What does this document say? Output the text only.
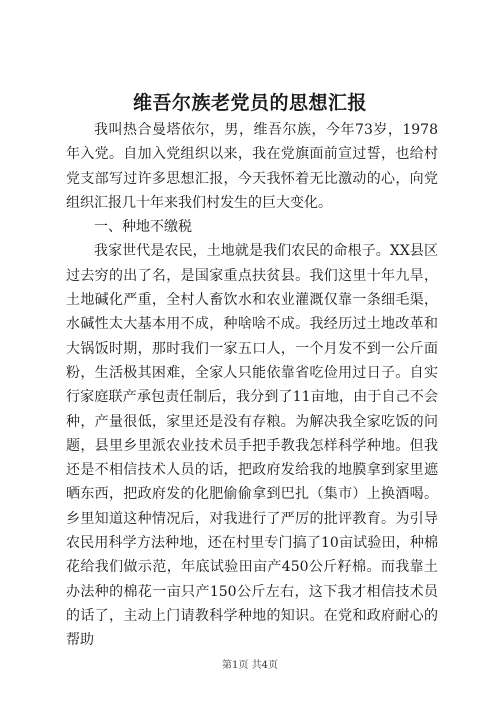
维吾尔族老党员的思想汇报

我叫热合曼塔依尔，男，维吾尔族，今年73岁，1978年入党。自加入党组织以来，我在党旗面前宣过誓，也给村党支部写过许多思想汇报，今天我怀着无比激动的心，向党组织汇报几十年来我们村发生的巨大变化。

一、种地不缴税

我家世代是农民，土地就是我们农民的命根子。XX县区过去穷的出了名，是国家重点扶贫县。我们这里十年九旱，土地碱化严重，全村人畜饮水和农业灌溉仅靠一条细毛渠，水碱性太大基本用不成，种啥啥不成。我经历过土地改革和大锅饭时期，那时我们一家五口人，一个月发不到一公斤面粉，生活极其困难，全家人只能依靠省吃俭用过日子。自实行家庭联产承包责任制后，我分到了11亩地，由于自己不会种，产量很低，家里还是没有存粮。为解决我全家吃饭的问题，县里乡里派农业技术员手把手教我怎样科学种地。但我还是不相信技术人员的话，把政府发给我的地膜拿到家里遮晒东西，把政府发的化肥偷偷拿到巴扎（集市）上换酒喝。乡里知道这种情况后，对我进行了严厉的批评教育。为引导农民用科学方法种地，还在村里专门搞了10亩试验田，种棉花给我们做示范，年底试验田亩产450公斤籽棉。而我靠土办法种的棉花一亩只产150公斤左右，这下我才相信技术员的话了，主动上门请教科学种地的知识。在党和政府耐心的帮助

第1页 共4页
